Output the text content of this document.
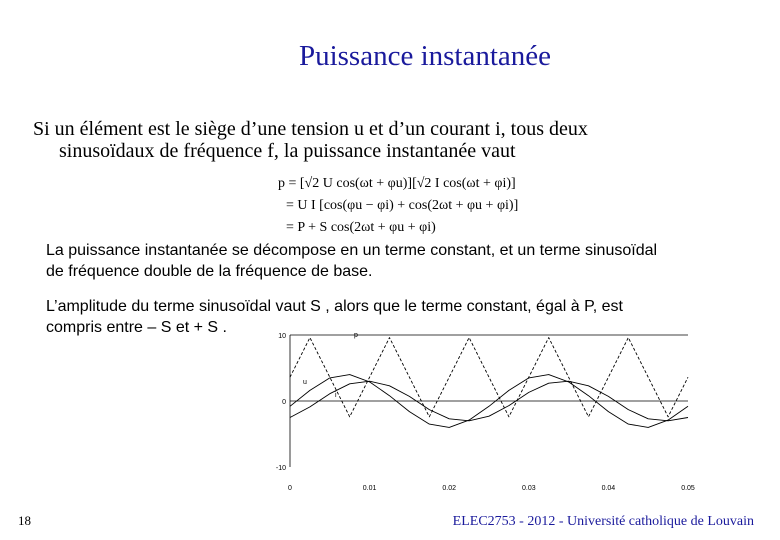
Puissance instantanée
Si un élément est le siège d’une tension u et d’un courant i, tous deux
sinusoïdaux de fréquence f, la puissance instantanée vaut
p = [√2 U cos(ωt + φu)][√2 I cos(ωt + φi)]
= U I [cos(φu − φi) + cos(2ωt + φu + φi)]
= P + S cos(2ωt + φu + φi)
La puissance instantanée se décompose en un terme constant, et un terme sinusoïdal
de fréquence double de la fréquence de base.
L’amplitude du terme sinusoïdal vaut S , alors que le terme constant, égal à P, est
compris entre – S et + S .
10
0
-10
0	0.01	0.02	0.03	0.04	0.05
p
u
i
18	ELEC2753 - 2012 - Université catholique de Louvain
